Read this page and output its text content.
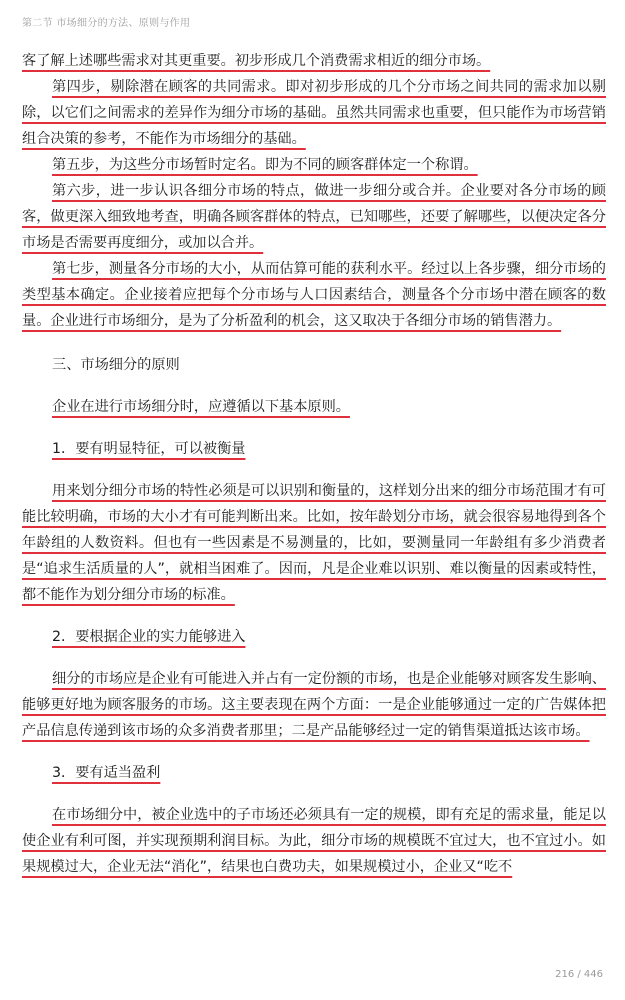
第二节 市场细分的方法、原则与作用

客了解上述哪些需求对其更重要。初步形成几个消费需求相近的细分市场。

第四步，剔除潜在顾客的共同需求。即对初步形成的几个分市场之间共同的需求加以剔除，以它们之间需求的差异作为细分市场的基础。虽然共同需求也重要，但只能作为市场营销组合决策的参考，不能作为市场细分的基础。

第五步，为这些分市场暂时定名。即为不同的顾客群体定一个称谓。

第六步，进一步认识各细分市场的特点，做进一步细分或合并。企业要对各分市场的顾客，做更深入细致地考查，明确各顾客群体的特点，已知哪些，还要了解哪些，以便决定各分市场是否需要再度细分，或加以合并。

第七步，测量各分市场的大小，从而估算可能的获利水平。经过以上各步骤，细分市场的类型基本确定。企业接着应把每个分市场与人口因素结合，测量各个分市场中潜在顾客的数量。企业进行市场细分，是为了分析盈利的机会，这又取决于各细分市场的销售潜力。

三、市场细分的原则
企业在进行市场细分时，应遵循以下基本原则。
1．要有明显特征，可以被衡量

用来划分细分市场的特性必须是可以识别和衡量的，这样划分出来的细分市场范围才有可能比较明确，市场的大小才有可能判断出来。比如，按年龄划分市场，就会很容易地得到各个年龄组的人数资料。但也有一些因素是不易测量的，比如，要测量同一年龄组有多少消费者是“追求生活质量的人”，就相当困难了。因而，凡是企业难以识别、难以衡量的因素或特性，都不能作为划分细分市场的标准。

2．要根据企业的实力能够进入

细分的市场应是企业有可能进入并占有一定份额的市场，也是企业能够对顾客发生影响、能够更好地为顾客服务的市场。这主要表现在两个方面：一是企业能够通过一定的广告媒体把产品信息传递到该市场的众多消费者那里；二是产品能够经过一定的销售渠道抵达该市场。

3．要有适当盈利

在市场细分中，被企业选中的子市场还必须具有一定的规模，即有充足的需求量，能足以使企业有利可图，并实现预期利润目标。为此，细分市场的规模既不宜过大，也不宜过小。如果规模过大，企业无法“消化”，结果也白费功夫，如果规模过小，企业又“吃不

216 / 446
